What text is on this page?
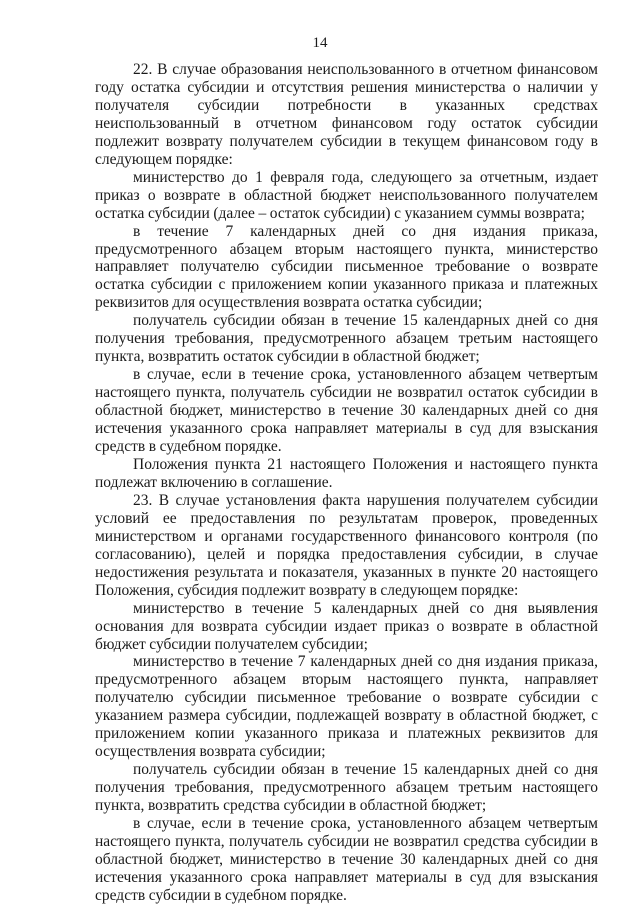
14

22. В случае образования неиспользованного в отчетном финансовом году остатка субсидии и отсутствия решения министерства о наличии у получателя субсидии потребности в указанных средствах неиспользованный в отчетном финансовом году остаток субсидии подлежит возврату получателем субсидии в текущем финансовом году в следующем порядке:

министерство до 1 февраля года, следующего за отчетным, издает приказ о возврате в областной бюджет неиспользованного получателем остатка субсидии (далее – остаток субсидии) с указанием суммы возврата;

в течение 7 календарных дней со дня издания приказа, предусмотренного абзацем вторым настоящего пункта, министерство направляет получателю субсидии письменное требование о возврате остатка субсидии с приложением копии указанного приказа и платежных реквизитов для осуществления возврата остатка субсидии;

получатель субсидии обязан в течение 15 календарных дней со дня получения требования, предусмотренного абзацем третьим настоящего пункта, возвратить остаток субсидии в областной бюджет;

в случае, если в течение срока, установленного абзацем четвертым настоящего пункта, получатель субсидии не возвратил остаток субсидии в областной бюджет, министерство в течение 30 календарных дней со дня истечения указанного срока направляет материалы в суд для взыскания средств в судебном порядке.

Положения пункта 21 настоящего Положения и настоящего пункта подлежат включению в соглашение.

23. В случае установления факта нарушения получателем субсидии условий ее предоставления по результатам проверок, проведенных министерством и органами государственного финансового контроля (по согласованию), целей и порядка предоставления субсидии, в случае недостижения результата и показателя, указанных в пункте 20 настоящего Положения, субсидия подлежит возврату в следующем порядке:

министерство в течение 5 календарных дней со дня выявления основания для возврата субсидии издает приказ о возврате в областной бюджет субсидии получателем субсидии;

министерство в течение 7 календарных дней со дня издания приказа, предусмотренного абзацем вторым настоящего пункта, направляет получателю субсидии письменное требование о возврате субсидии с указанием размера субсидии, подлежащей возврату в областной бюджет, с приложением копии указанного приказа и платежных реквизитов для осуществления возврата субсидии;

получатель субсидии обязан в течение 15 календарных дней со дня получения требования, предусмотренного абзацем третьим настоящего пункта, возвратить средства субсидии в областной бюджет;

в случае, если в течение срока, установленного абзацем четвертым настоящего пункта, получатель субсидии не возвратил средства субсидии в областной бюджет, министерство в течение 30 календарных дней со дня истечения указанного срока направляет материалы в суд для взыскания средств субсидии в судебном порядке.
